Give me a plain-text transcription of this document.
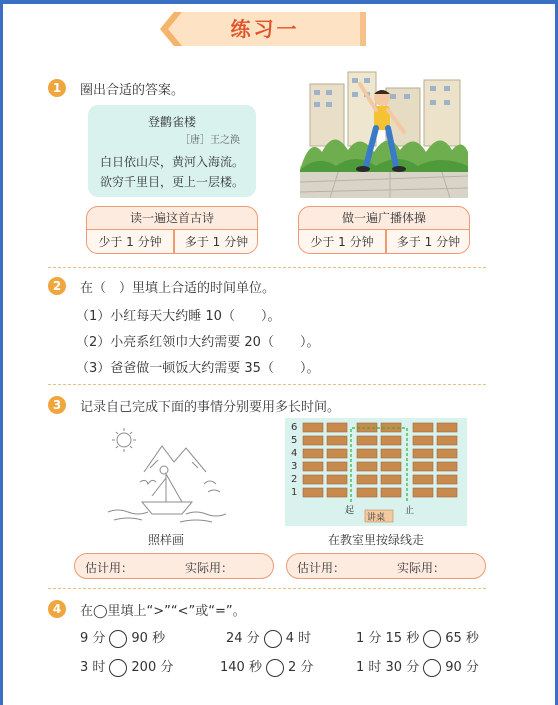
练习一
1	圈出合适的答案。
登鹳雀楼
［唐］王之涣
白日依山尽，黄河入海流。
欲穷千里目，更上一层楼。
读一遍这首古诗
少于 1 分钟	多于 1 分钟
做一遍广播体操
少于 1 分钟	多于 1 分钟
2	在（　）里填上合适的时间单位。
（1）小红每天大约睡 10（　　）。
（2）小亮系红领巾大约需要 20（　　）。
（3）爸爸做一顿饭大约需要 35（　　）。
3	记录自己完成下面的事情分别要用多长时间。
6
5
4
3
2
1
起	止
讲桌
照样画	在教室里按绿线走
估计用：	实际用：	估计用：	实际用：
4	在◯里填上“>”“<”或“=”。
9 分 90 秒	24 分 4 时	1 分 15 秒 65 秒
3 时 200 分	140 秒 2 分	1 时 30 分 90 分
